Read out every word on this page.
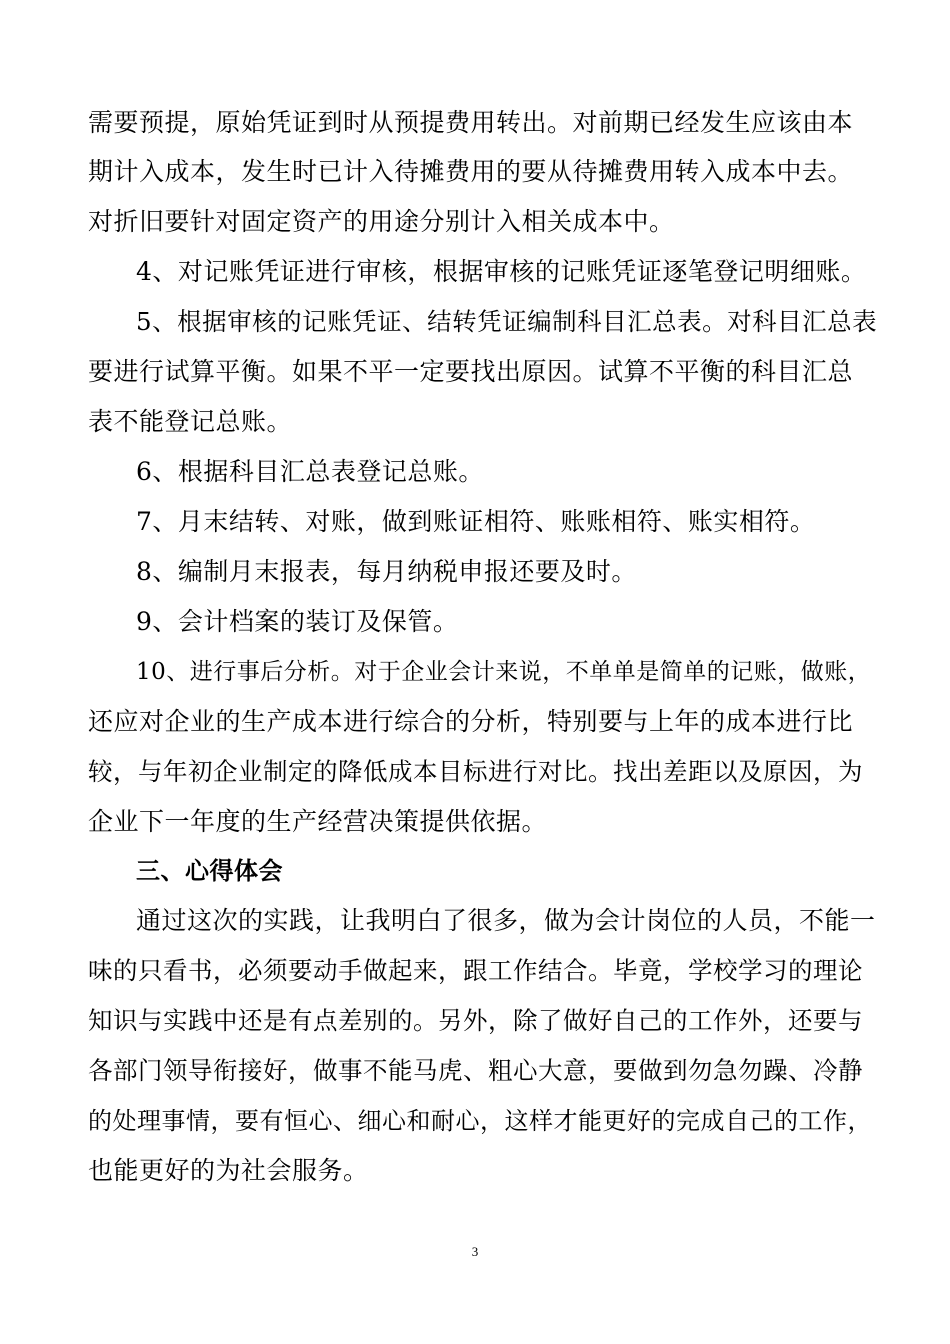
需要预提，原始凭证到时从预提费用转出。对前期已经发生应该由本
期计入成本，发生时已计入待摊费用的要从待摊费用转入成本中去。
对折旧要针对固定资产的用途分别计入相关成本中。
4、对记账凭证进行审核，根据审核的记账凭证逐笔登记明细账。
5、根据审核的记账凭证、结转凭证编制科目汇总表。对科目汇总表
要进行试算平衡。如果不平一定要找出原因。试算不平衡的科目汇总
表不能登记总账。
6、根据科目汇总表登记总账。
7、月末结转、对账，做到账证相符、账账相符、账实相符。
8、编制月末报表，每月纳税申报还要及时。
9、会计档案的装订及保管。
10、进行事后分析。对于企业会计来说，不单单是简单的记账，做账，
还应对企业的生产成本进行综合的分析，特别要与上年的成本进行比
较，与年初企业制定的降低成本目标进行对比。找出差距以及原因，为
企业下一年度的生产经营决策提供依据。
三、心得体会
通过这次的实践，让我明白了很多，做为会计岗位的人员，不能一
味的只看书，必须要动手做起来，跟工作结合。毕竟，学校学习的理论
知识与实践中还是有点差别的。另外，除了做好自己的工作外，还要与
各部门领导衔接好，做事不能马虎、粗心大意，要做到勿急勿躁、冷静
的处理事情，要有恒心、细心和耐心，这样才能更好的完成自己的工作，
也能更好的为社会服务。
3
